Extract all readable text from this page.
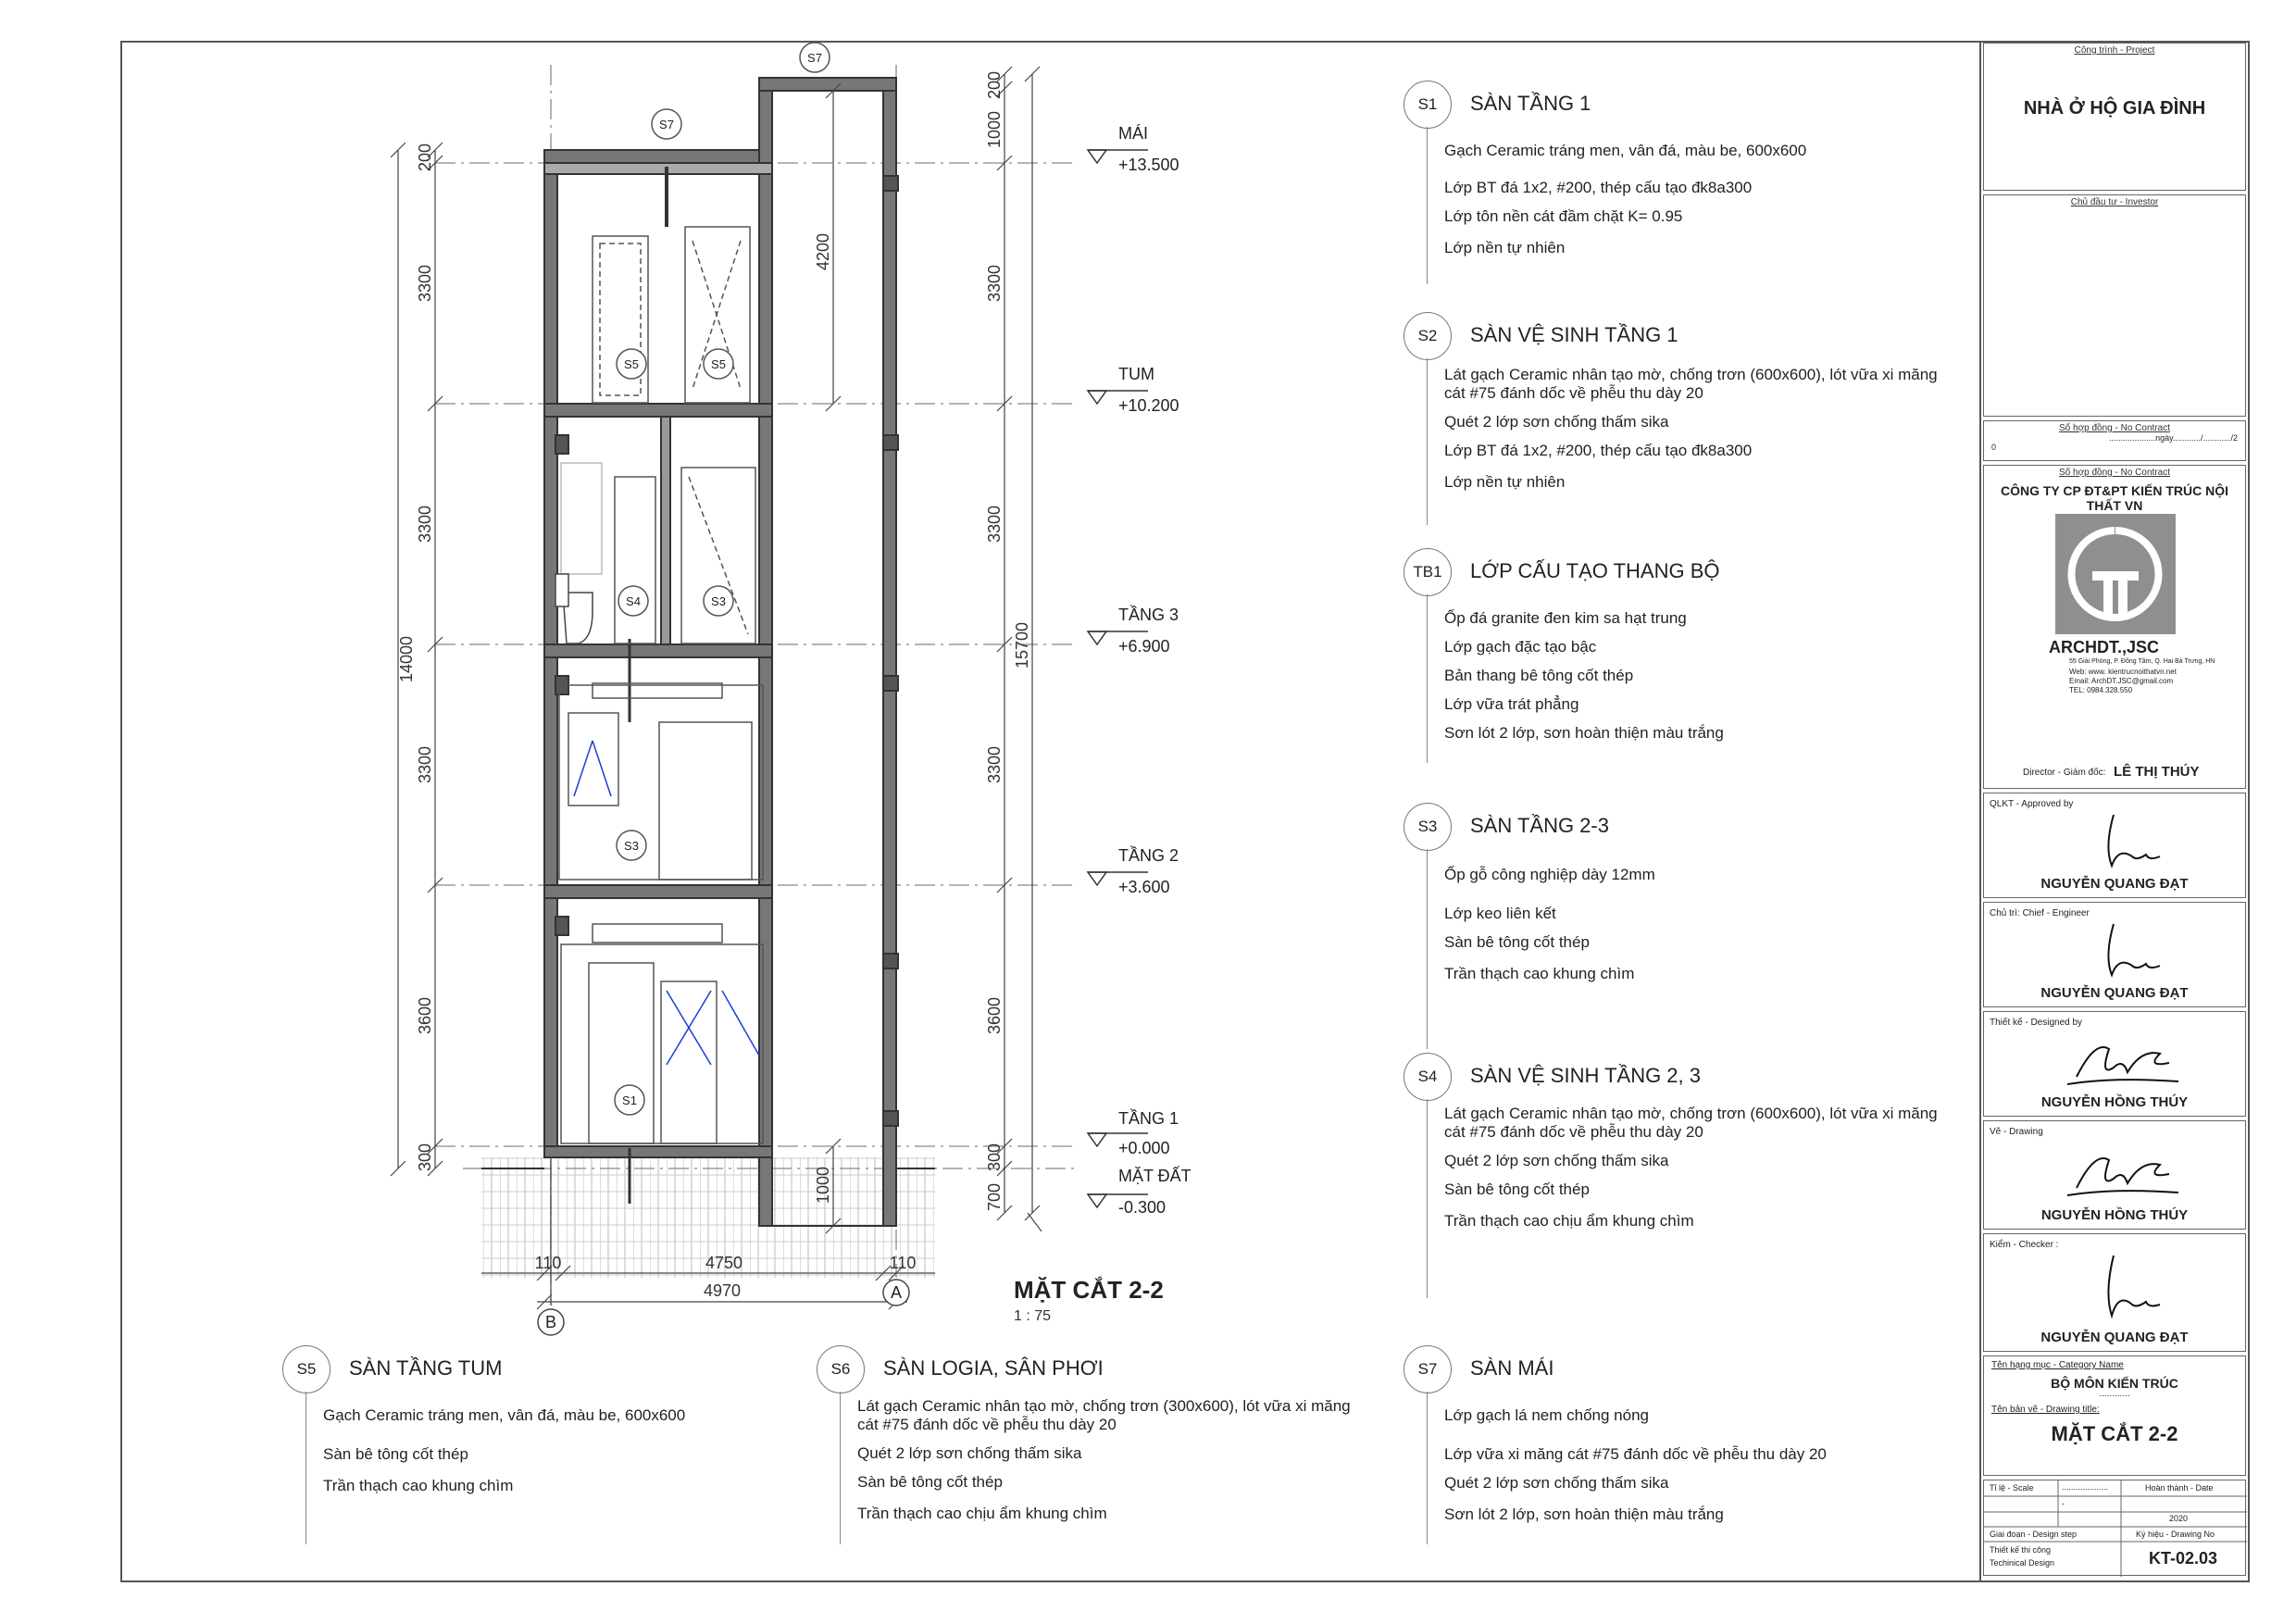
200
3300
3300
3300
3600
300
14000
200
1000
3300
3300
3300
3600
300
700
15700
4200
1000
MÁI
+13.500
TUM
+10.200
TẦNG 3
+6.900
TẦNG 2
+3.600
TẦNG 1
+0.000
MẶT ĐẤT
-0.300
110	4750	110
4970
B
A
S7
S7
S5	S5
S4	S3
S3
S1
MẶT CẮT 2-2
1 : 75
S1	SÀN TẦNG 1
Gạch Ceramic tráng men, vân đá, màu be, 600x600
Lớp BT đá 1x2, #200, thép cấu tạo đk8a300
Lớp tôn nền cát đầm chặt K= 0.95
Lớp nền tự nhiên
S2	SÀN VỆ SINH TẦNG 1
Lát gạch Ceramic nhân tạo mờ, chống trơn (600x600), lót vữa xi măng cát #75 đánh dốc về phễu thu dày 20
Quét 2 lớp sơn chống thấm sika
Lớp BT đá 1x2, #200, thép cấu tạo đk8a300
Lớp nền tự nhiên
TB1	LỚP CẤU TẠO THANG BỘ
Ốp đá granite đen kim sa hạt trung
Lớp gạch đặc tạo bậc
Bản thang bê tông cốt thép
Lớp vữa trát phẳng
Sơn lót 2 lớp, sơn hoàn thiện màu trắng
S3	SÀN TẦNG 2-3
Ốp gỗ công nghiệp dày 12mm
Lớp keo liên kết
Sàn bê tông cốt thép
Trần thạch cao khung chìm
S4	SÀN VỆ SINH TẦNG 2, 3
Lát gạch Ceramic nhân tạo mờ, chống trơn (600x600), lót vữa xi măng cát #75 đánh dốc về phễu thu dày 20
Quét 2 lớp sơn chống thấm sika
Sàn bê tông cốt thép
Trần thạch cao chịu ẩm khung chìm
S5	SÀN TẦNG TUM
Gạch Ceramic tráng men, vân đá, màu be, 600x600
Sàn bê tông cốt thép
Trần thạch cao khung chìm
S6	SÀN LOGIA, SÂN PHƠI
Lát gạch Ceramic nhân tạo mờ, chống trơn (300x600), lót vữa xi măng cát #75 đánh dốc về phễu thu dày 20
Quét 2 lớp sơn chống thấm sika
Sàn bê tông cốt thép
Trần thạch cao chịu ẩm khung chìm
S7	SÀN MÁI
Lớp gạch lá nem chống nóng
Lớp vữa xi măng cát #75 đánh dốc về phễu thu dày 20
Quét 2 lớp sơn chống thấm sika
Sơn lót 2 lớp, sơn hoàn thiện màu trắng
Công trình - Project
NHÀ Ở HỘ GIA ĐÌNH
Chủ đầu tư - Investor
Số hợp đồng - No Contract
....................ngày............/............/2
0
Số hợp đồng - No Contract
CÔNG TY CP ĐT&PT KIẾN TRÚC NỘI THẤT VN
ARCHDT.,JSC
55 Giải Phóng, P. Đồng Tâm, Q. Hai Bà Trưng, HN
Web: www. kientrucnoithatvn.net
Email: ArchDT.JSC@gmail.com
TEL: 0984.328.550
Director - Giám đốc: LÊ THỊ THÚY
QLKT - Approved by
NGUYỄN QUANG ĐẠT
Chủ trì: Chief - Engineer
NGUYỄN QUANG ĐẠT
Thiết kế - Designed by
NGUYỄN HỒNG THÚY
Vẽ - Drawing
NGUYỄN HỒNG THÚY
Kiểm - Checker :
NGUYỄN QUANG ĐẠT
Tên hạng mục - Category Name
BỘ MÔN KIẾN TRÚC
............
Tên bản vẽ - Drawing title:
MẶT CẮT 2-2
Tỉ lệ - Scale	....................	Hoàn thành - Date
-
2020
Giai đoạn - Design step	Ký hiệu - Drawing No
Thiết kế thi công
Techinical Design	KT-02.03
